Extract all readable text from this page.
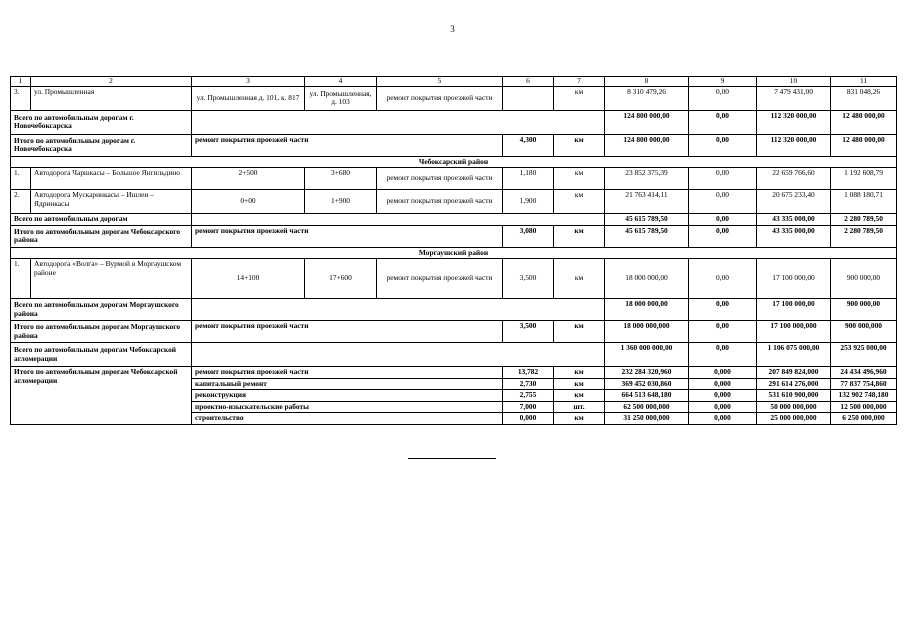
3
1	2	3	4	5	6	7	8	9	10	11
3.	ул. Промышленная	ул. Промышленная д. 101, к. 817	ул. Промышленная, д. 103	ремонт покрытия проезжей части		км	8 310 479,26	0,00	7 479 431,00	831 048,26
Всего по автомобильным дорогам г. Новочебоксарска							124 800 000,00	0,00	112 320 000,00	12 480 000,00
Итого по автомобильным дорогам г. Новочебоксарска		ремонт покрытия проезжей части			4,300	км	124 800 000,00	0,00	112 320 000,00	12 480 000,00
Чебоксарский район										
1.	Автодорога Чаршкасы – Большое Янгильдино	2+500	3+680	ремонт покрытия проезжей части	1,180	км	23 852 375,39	0,00	22 659 766,60	1 192 608,79
2.	Автодорога Мускаринкасы – Ишлеи – Ядринкасы	0+00	1+900	ремонт покрытия проезжей части	1,900	км	21 763 414,11	0,00	20 675 233,40	1 088 180,71
Всего по автомобильным дорогам							45 615 789,50	0,00	43 335 000,00	2 280 789,50
Итого по автомобильным дорогам Чебоксарского района		ремонт покрытия проезжей части			3,080	км	45 615 789,50	0,00	43 335 000,00	2 280 789,50
Моргаушский район										
1.	Автодорога «Волга» – Вурмой в Моргаушском районе	14+100	17+600	ремонт покрытия проезжей части	3,500	км	18 000 000,00	0,00	17 100 000,00	900 000,00
Всего по автомобильным дорогам Моргаушского района							18 000 000,00	0,00	17 100 000,00	900 000,00
Итого по автомобильным дорогам Моргаушского района		ремонт покрытия проезжей части			3,500	км	18 000 000,000	0,00	17 100 000,000	900 000,000
Всего по автомобильным дорогам Чебоксарской агломерации							1 360 000 000,00	0,00	1 106 075 000,00	253 925 000,00
Итого по автомобильным дорогам Чебоксарской агломерации		ремонт покрытия проезжей части			13,782	км	232 284 320,960	0,000	207 849 824,000	24 434 496,960
		капитальный ремонт			2,730	км	369 452 030,860	0,000	291 614 276,000	77 837 754,860
		реконструкция			2,755	км	664 513 648,180	0,000	531 610 900,000	132 902 748,180
		проектно-изыскательские работы			7,000	шт.	62 500 000,000	0,000	50 000 000,000	12 500 000,000
		строительство			0,000	км	31 250 000,000	0,000	25 000 000,000	6 250 000,000
